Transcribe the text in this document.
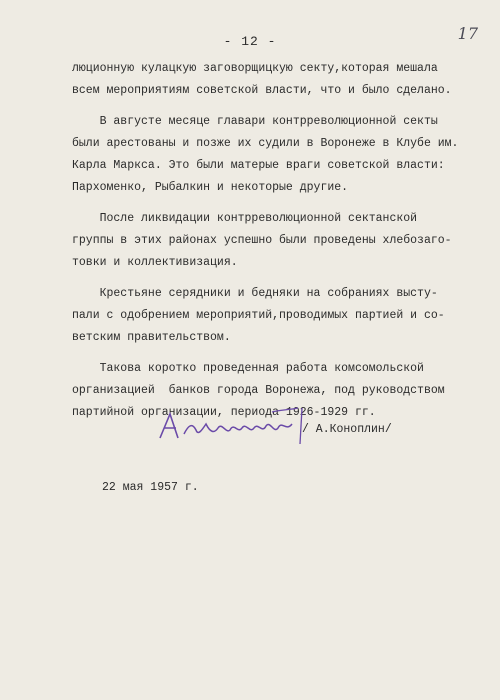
- 12 -	17
люционную кулацкую заговорщицкую секту,которая мешала
всем мероприятиям советской власти, что и было сделано.
В августе месяце главари контрреволюционной секты
были арестованы и позже их судили в Воронеже в Клубе им.
Карла Маркса. Это были матерые враги советской власти:
Пархоменко, Рыбалкин и некоторые другие.
После ликвидации контрреволюционной сектанской
группы в этих районах успешно были проведены хлебозаго-
товки и коллективизация.
Крестьяне серядники и бедняки на собраниях высту-
пали с одобрением мероприятий,проводимых партией и со-
ветским правительством.
Такова коротко проведенная работа комсомольской
организацией  банков города Воронежа, под руководством
партийной организации, периода 1926-1929 гг.
/ А.Коноплин/
22 мая 1957 г.
